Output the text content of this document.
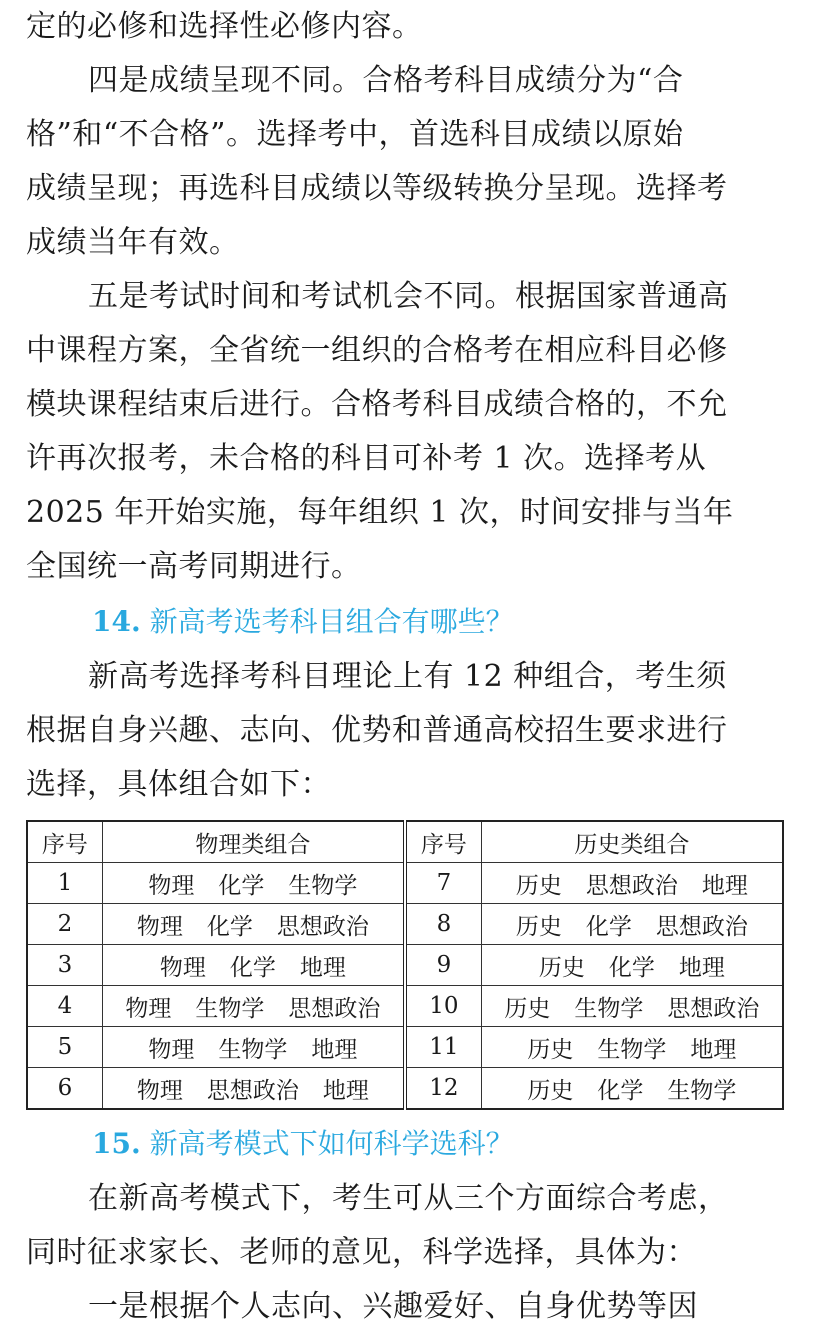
定的必修和选择性必修内容。
四是成绩呈现不同。合格考科目成绩分为“合
格”和“不合格”。选择考中，首选科目成绩以原始
成绩呈现；再选科目成绩以等级转换分呈现。选择考
成绩当年有效。
五是考试时间和考试机会不同。根据国家普通高
中课程方案，全省统一组织的合格考在相应科目必修
模块课程结束后进行。合格考科目成绩合格的，不允
许再次报考，未合格的科目可补考 1 次。选择考从
2025 年开始实施，每年组织 1 次，时间安排与当年
全国统一高考同期进行。
14. 新高考选考科目组合有哪些？
新高考选择考科目理论上有 12 种组合，考生须
根据自身兴趣、志向、优势和普通高校招生要求进行
选择，具体组合如下：
序号	物理类组合	序号	历史类组合
1	物理 化学 生物学	7	历史 思想政治 地理
2	物理 化学 思想政治	8	历史 化学 思想政治
3	物理 化学 地理	9	历史 化学 地理
4	物理 生物学 思想政治	10	历史 生物学 思想政治
5	物理 生物学 地理	11	历史 生物学 地理
6	物理 思想政治 地理	12	历史 化学 生物学
15. 新高考模式下如何科学选科？
在新高考模式下，考生可从三个方面综合考虑，
同时征求家长、老师的意见，科学选择，具体为：
一是根据个人志向、兴趣爱好、自身优势等因
